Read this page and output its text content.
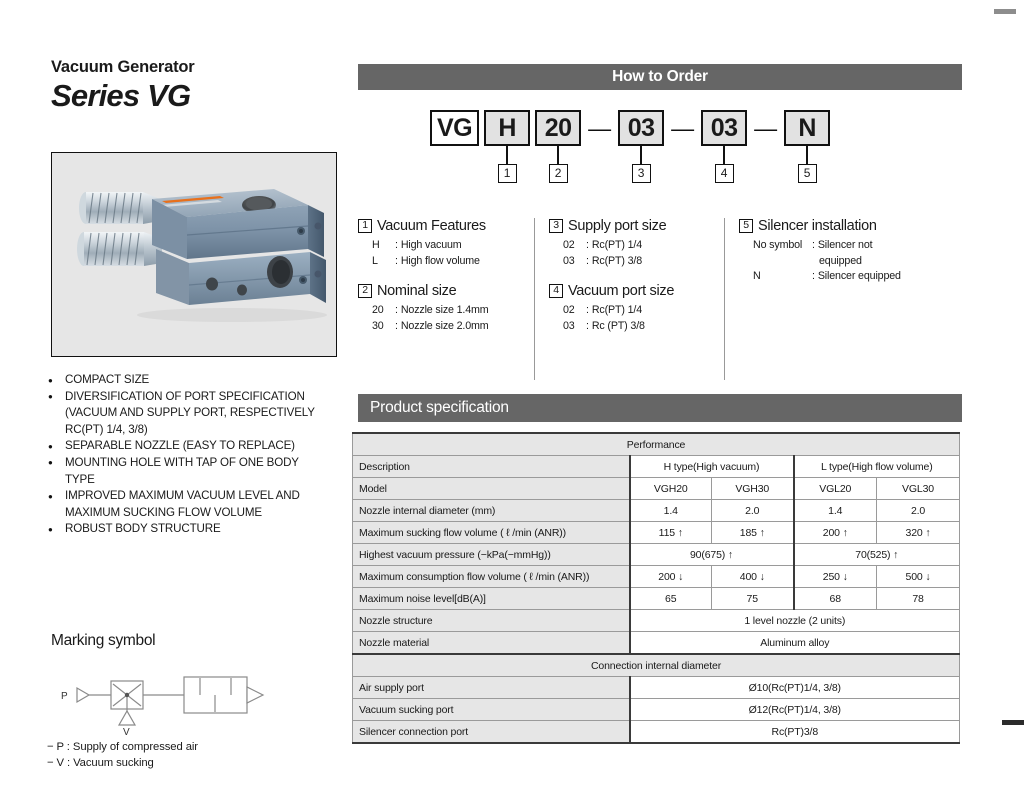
Vacuum Generator

Series VG

● COMPACT SIZE
● DIVERSIFICATION OF PORT SPECIFICATION
(VACUUM AND SUPPLY PORT, RESPECTIVELY
RC(PT) 1/4, 3/8)
● SEPARABLE NOZZLE (EASY TO REPLACE)
● MOUNTING HOLE WITH TAP OF ONE BODY
TYPE
● IMPROVED MAXIMUM VACUUM LEVEL AND
MAXIMUM SUCKING FLOW VOLUME
● ROBUST BODY STRUCTURE

Marking symbol

P
V
− P : Supply of compressed air
− V : Vacuum sucking
How to Order
VG	H
1
20
2
— 03
3
— 03
4
— N
5
1 Vacuum Features
H	: High vacuum
L	: High flow volume
2 Nominal size
20	: Nozzle size 1.4mm
30	: Nozzle size 2.0mm
3 Supply port size
02	: Rc(PT) 1/4
03	: Rc(PT) 3/8
4 Vacuum port size
02	: Rc(PT) 1/4
03	: Rc (PT) 3/8
5 Silencer installation
No symbol : Silencer not
equipped
N	: Silencer equipped
Product specification
Performance				
Description	H type(High vacuum)		L type(High flow volume)	
Model	VGH20	VGH30	VGL20	VGL30
Nozzle internal diameter (mm)	1.4	2.0	1.4	2.0
Maximum sucking flow volume ( ℓ /min (ANR))	115 ↑	185 ↑	200 ↑	320 ↑
Highest vacuum pressure (−kPa(−mmHg))	90(675) ↑		70(525) ↑	
Maximum consumption flow volume ( ℓ /min (ANR))	200 ↓	400 ↓	250 ↓	500 ↓
Maximum noise level[dB(A)]	65	75	68	78
Nozzle structure	1 level nozzle (2 units)			
Nozzle material	Aluminum alloy			
Connection internal diameter				
Air supply port	Ø10(Rc(PT)1/4, 3/8)			
Vacuum sucking port	Ø12(Rc(PT)1/4, 3/8)			
Silencer connection port	Rc(PT)3/8			
